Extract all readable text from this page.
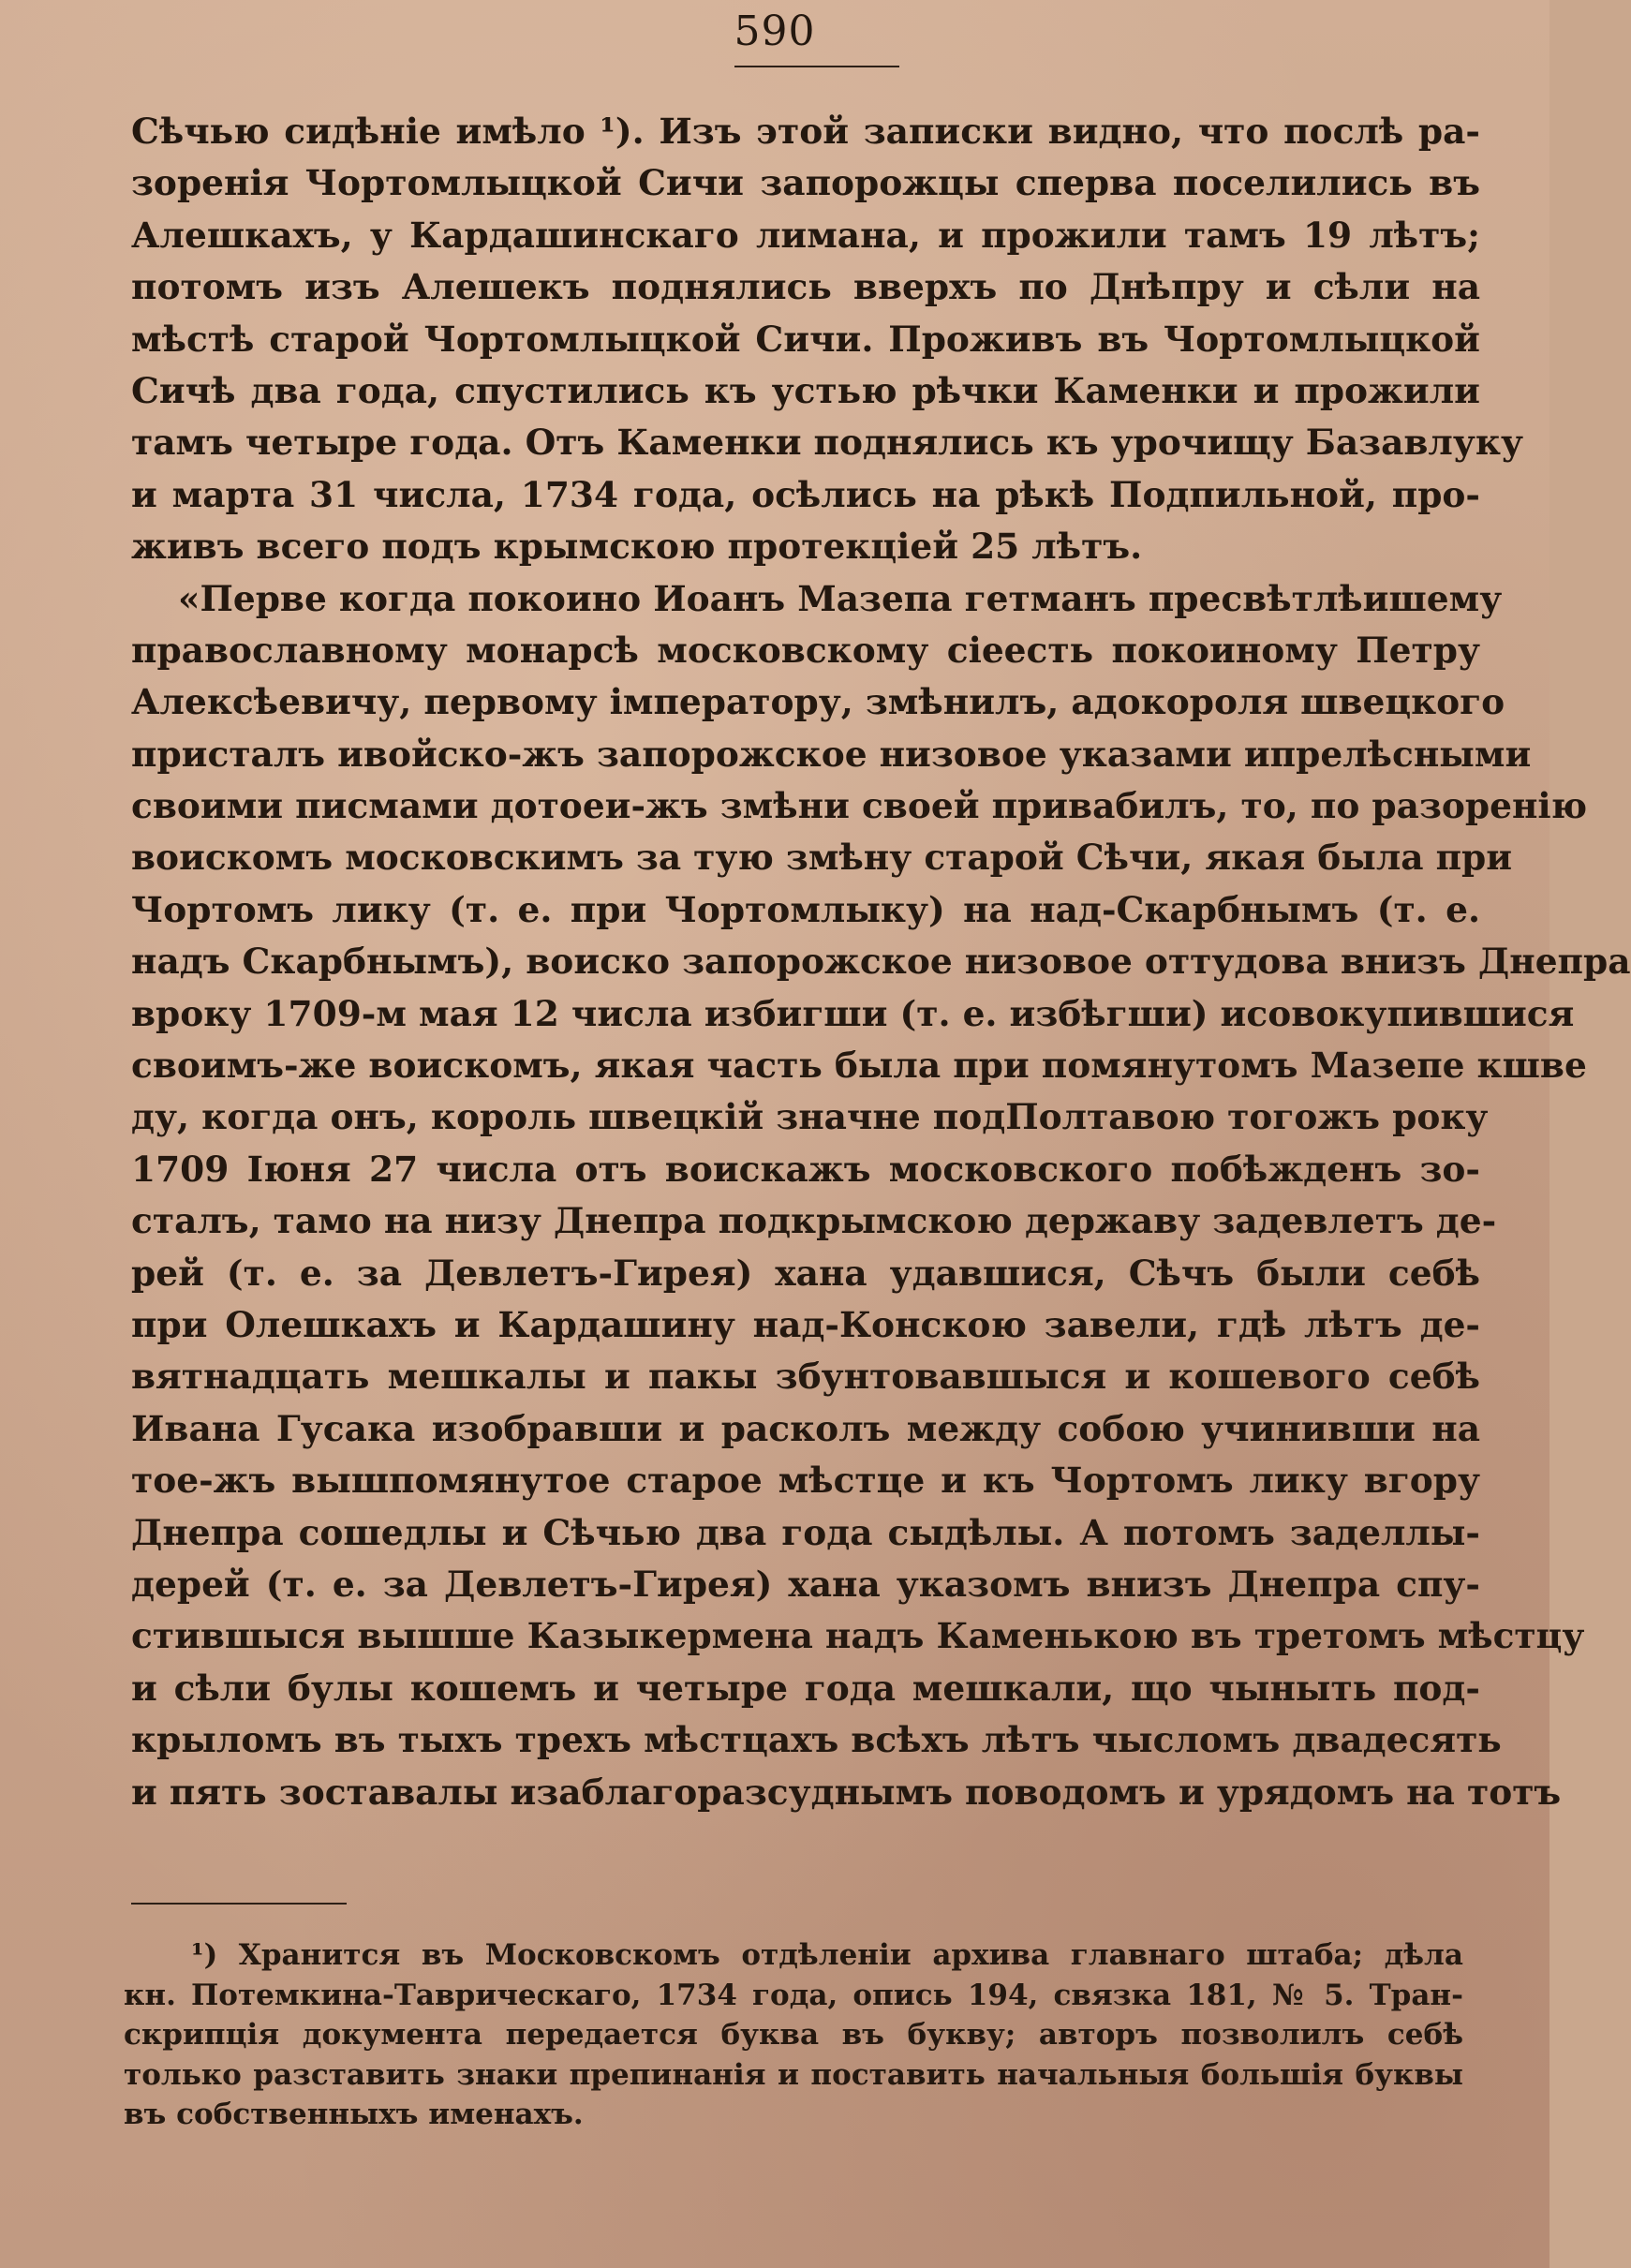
590
Сѣчью сидѣніе имѣло ¹). Изъ этой записки видно, что послѣ ра-
зоренія Чортомлыцкой Сичи запорожцы сперва поселились въ
Алешкахъ, у Кардашинскаго лимана, и прожили тамъ 19 лѣтъ;
потомъ изъ Алешекъ поднялись вверхъ по Днѣпру и сѣли на
мѣстѣ старой Чортомлыцкой Сичи. Проживъ въ Чортомлыцкой
Сичѣ два года, спустились къ устью рѣчки Каменки и прожили
тамъ четыре года. Отъ Каменки поднялись къ урочищу Базавлуку
и марта 31 числа, 1734 года, осѣлись на рѣкѣ Подпильной, про-
живъ всего подъ крымскою протекціей 25 лѣтъ.
«Перве когда покоино Иоанъ Мазепа гетманъ пресвѣтлѣишему
православному монарсѣ московскому сіеесть покоиному Петру
Алексѣевичу, первому імператору, змѣнилъ, адокороля швецкого
присталъ ивойско-жъ запорожское низовое указами ипрелѣсными
своими писмами дотоеи-жъ змѣни своей привабилъ, то, по разоренію
воискомъ московскимъ за тую змѣну старой Сѣчи, якая была при
Чортомъ лику (т. е. при Чортомлыку) на над-Скарбнымъ (т. е.
надъ Скарбнымъ), воиско запорожское низовое оттудова внизъ Днепра
вроку 1709-м мая 12 числа избигши (т. е. избѣгши) исовокупившися
своимъ-же воискомъ, якая часть была при помянутомъ Мазепе кшве
ду, когда онъ, король швецкій значне подПолтавою тогожъ року
1709 Іюня 27 числа отъ воискажъ московского побѣжденъ зо-
сталъ, тамо на низу Днепра подкрымскою державу задевлетъ де-
рей (т. е. за Девлетъ-Гирея) хана удавшися, Сѣчъ были себѣ
при Олешкахъ и Кардашину над-Конскою завели, гдѣ лѣтъ де-
вятнадцать мешкалы и пакы збунтовавшыся и кошевого себѣ
Ивана Гусака изобравши и расколъ между собою учинивши на
тое-жъ вышпомянутое старое мѣстце и къ Чортомъ лику вгору
Днепра сошедлы и Сѣчью два года сыдѣлы. А потомъ заделлы-
дерей (т. е. за Девлетъ-Гирея) хана указомъ внизъ Днепра спу-
стившыся вышше Казыкермена надъ Каменькою въ третомъ мѣстцу
и сѣли булы кошемъ и четыре года мешкали, що чыныть под-
крыломъ въ тыхъ трехъ мѣстцахъ всѣхъ лѣтъ чысломъ двадесять
и пять зоставалы изаблагоразсуднымъ поводомъ и урядомъ на тотъ
¹) Хранится въ Московскомъ отдѣленіи архива главнаго штаба; дѣла
кн. Потемкина-Таврическаго, 1734 года, опись 194, связка 181, № 5. Тран-
скрипція документа передается буква въ букву; авторъ позволилъ себѣ
только разставить знаки препинанія и поставить начальныя большія буквы
въ собственныхъ именахъ.
